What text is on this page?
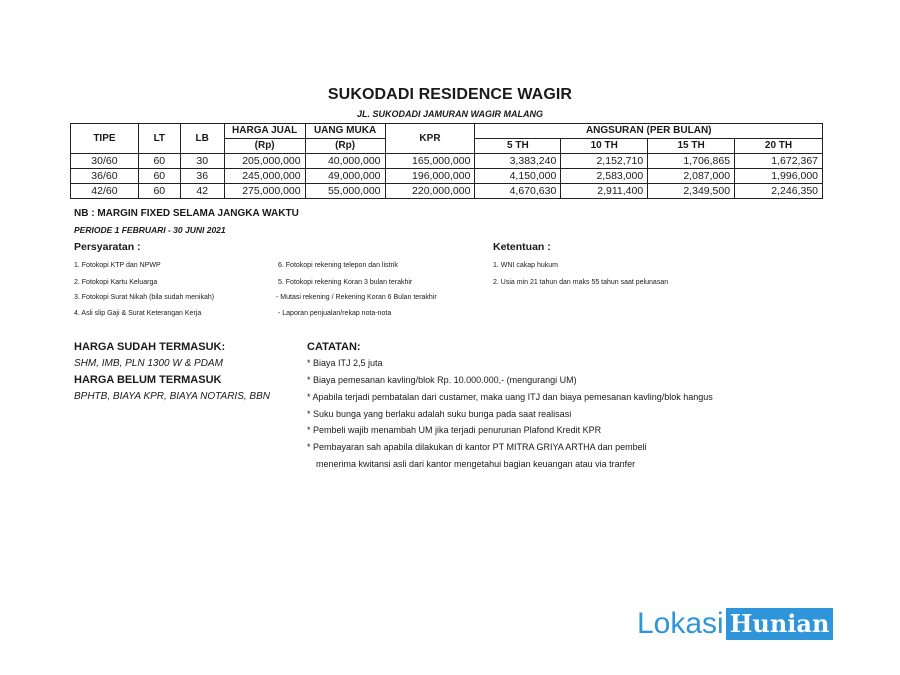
SUKODADI RESIDENCE WAGIR
JL. SUKODADI JAMURAN WAGIR MALANG
TIPE	LT	LB	HARGA JUAL	UANG MUKA	KPR	ANGSURAN (PER BULAN)			
			(Rp)	(Rp)		5 TH	10 TH	15 TH	20 TH
30/60	60	30	205,000,000	40,000,000	165,000,000	3,383,240	2,152,710	1,706,865	1,672,367
36/60	60	36	245,000,000	49,000,000	196,000,000	4,150,000	2,583,000	2,087,000	1,996,000
42/60	60	42	275,000,000	55,000,000	220,000,000	4,670,630	2,911,400	2,349,500	2,246,350
NB : MARGIN FIXED SELAMA JANGKA WAKTU
PERIODE 1 FEBRUARI - 30 JUNI 2021
Persyaratan :
1. Fotokopi KTP dan NPWP
2. Fotokopi Kartu Keluarga
3. Fotokopi Surat Nikah (bila sudah menikah)
4. Asli slip Gaji & Surat Keterangan Kerja
6. Fotokopi rekening telepon dan listrik
5. Fotokopi rekening Koran 3 bulan terakhir
- Mutasi rekening / Rekening Koran 6 Bulan terakhir
- Laporan penjualan/rekap nota-nota
Ketentuan :
1. WNI cakap hukum
2. Usia min 21 tahun dan maks 55 tahun saat pelunasan
HARGA SUDAH TERMASUK:
SHM, IMB, PLN 1300 W & PDAM
HARGA BELUM TERMASUK
BPHTB, BIAYA KPR, BIAYA NOTARIS, BBN
CATATAN:
* Biaya ITJ 2,5 juta
* Biaya pemesanan kavling/blok Rp. 10.000.000,- (mengurangi UM)
* Apabila terjadi pembatalan dari custamer, maka uang ITJ dan biaya pemesanan kavling/blok hangus
* Suku bunga yang berlaku adalah suku bunga pada saat realisasi
* Pembeli wajib menambah UM jika terjadi penurunan Plafond Kredit KPR
* Pembayaran sah apabila dilakukan di kantor PT MITRA GRIYA ARTHA dan pembeli
menerima kwitansi asli dari kantor mengetahui bagian keuangan atau via tranfer
Lokasi Hunian
